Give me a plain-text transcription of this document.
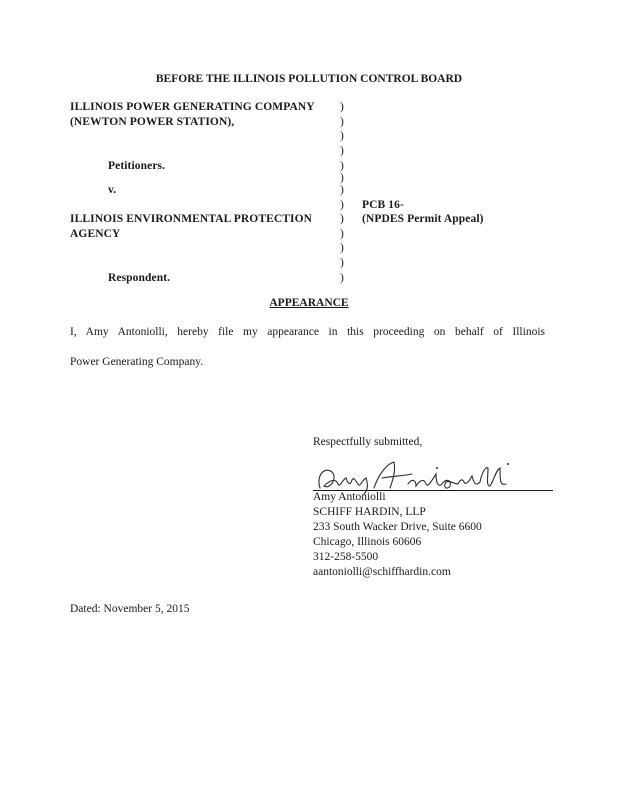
BEFORE THE ILLINOIS POLLUTION CONTROL BOARD
ILLINOIS POWER GENERATING COMPANY
(NEWTON POWER STATION),
Petitioners.
v.
ILLINOIS ENVIRONMENTAL PROTECTION
AGENCY
Respondent.
)
)
)
)
)
)
)
)
)
)
)
)
)
PCB 16-
(NPDES Permit Appeal)
APPEARANCE
I, Amy Antoniolli, hereby file my appearance in this proceeding on behalf of Illinois
Power Generating Company.
Respectfully submitted,
Amy Antoniolli
SCHIFF HARDIN, LLP
233 South Wacker Drive, Suite 6600
Chicago, Illinois 60606
312-258-5500
aantoniolli@schiffhardin.com
Dated: November 5, 2015
